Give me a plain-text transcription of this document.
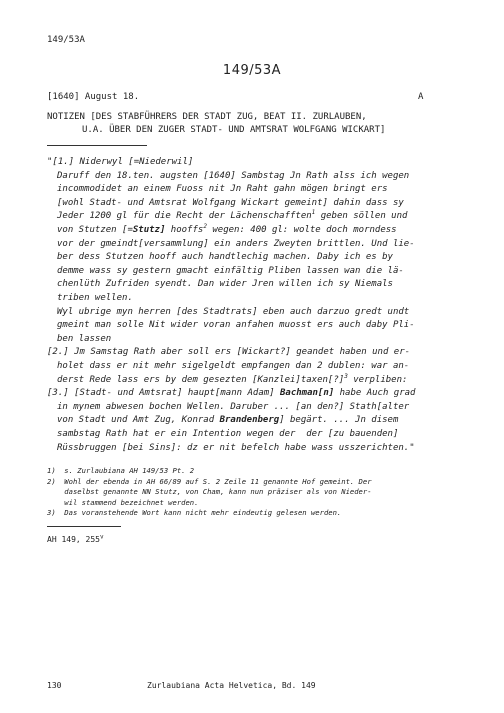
149/53A
149/53A
[1640] August 18.	A
NOTIZEN [DES STABFÜHRERS DER STADT ZUG, BEAT II. ZURLAUBEN,
U.A. ÜBER DEN ZUGER STADT- UND AMTSRAT WOLFGANG WICKART]
"[1.] Niderwyl [=Niederwil]
Daruff den 18.ten. augsten [1640] Sambstag Jn Rath alss ich wegen
incommodidet an einem Fuoss nit Jn Raht gahn mögen bringt ers
[wohl Stadt- und Amtsrat Wolfgang Wickart gemeint] dahin dass sy
Jeder 1200 gl für die Recht der Lächenschafften$^1$ geben söllen und
von Stutzen [=Stutz] hooffs$^2$ wegen: 400 gl: wolte doch morndess
vor der gmeindt[versammlung] ein anders Zweyten brittlen. Und lie-
ber dess Stutzen hooff auch handtlechig machen. Daby ich es by
demme wass sy gestern gmacht einfältig Pliben lassen wan die lä-
chenlüth Zufriden syendt. Dan wider Jren willen ich sy Niemals
triben wellen.
Wyl ubrige myn herren [des Stadtrats] eben auch darzuo gredt undt
gmeint man solle Nit wider voran anfahen muosst ers auch daby Pli-
ben lassen
[2.] Jm Samstag Rath aber soll ers [Wickart?] geandet haben und er-
holet dass er nit mehr sigelgeldt empfangen dan 2 dublen: war an-
derst Rede lass ers by dem gesezten [Kanzlei]taxen[?]$^3$ verpliben:
[3.] [Stadt- und Amtsrat] haupt[mann Adam] Bachman[n] habe Auch grad
in mynem abwesen bochen Wellen. Daruber ... [an den?] Stath[alter
von Stadt und Amt Zug, Konrad Brandenberg] begärt. ... Jn disem
sambstag Rath hat er ein Intention wegen der  der [zu bauenden]
Rüssbruggen [bei Sins]: dz er nit befelch habe wass usszerichten."
1)  s. Zurlaubiana AH 149/53 Pt. 2
2)  Wohl der ebenda in AH 66/89 auf S. 2 Zeile 11 genannte Hof gemeint. Der
daselbst genannte NN Stutz, von Cham, kann nun präziser als von Nieder-
wil stammend bezeichnet werden.
3)  Das voranstehende Wort kann nicht mehr eindeutig gelesen werden.
AH 149, 255$^v$
130	Zurlaubiana Acta Helvetica, Bd. 149
